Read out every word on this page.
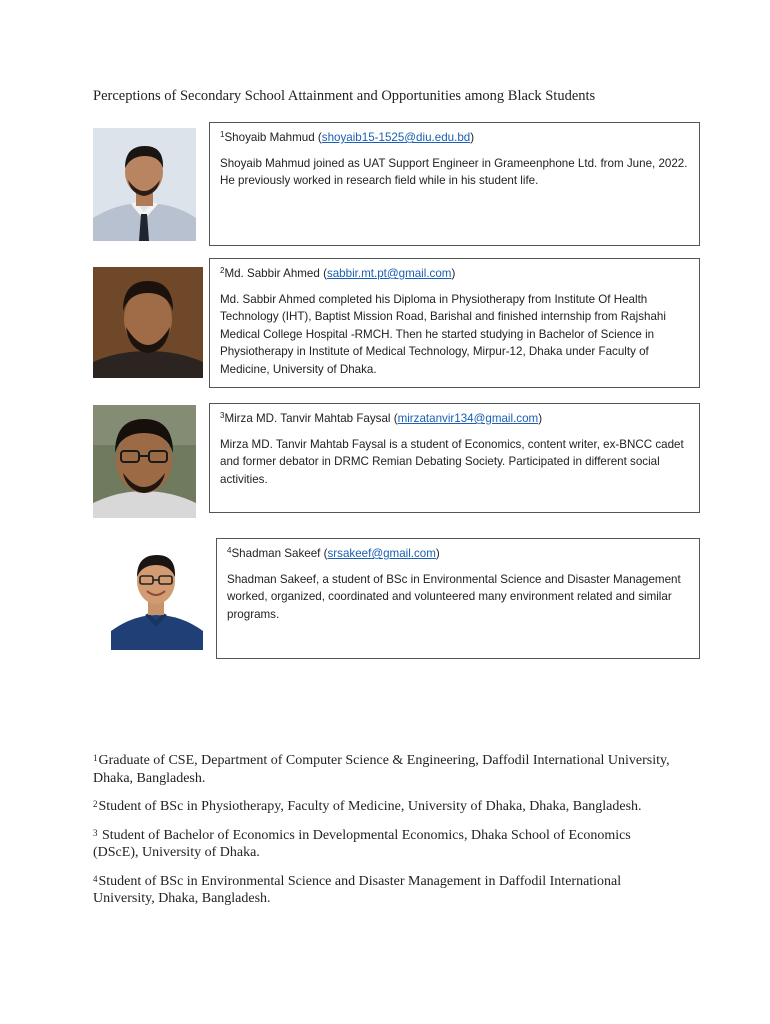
Perceptions of Secondary School Attainment and Opportunities among Black Students

$^1$Shoyaib Mahmud (shoyaib15-1525@diu.edu.bd)

Shoyaib Mahmud joined as UAT Support Engineer in Grameenphone Ltd. from June, 2022. He previously worked in research field while in his student life.

$^2$Md. Sabbir Ahmed (sabbir.mt.pt@gmail.com)

Md. Sabbir Ahmed completed his Diploma in Physiotherapy from Institute Of Health Technology (IHT), Baptist Mission Road, Barishal and finished internship from Rajshahi Medical College Hospital -RMCH. Then he started studying in Bachelor of Science in Physiotherapy in Institute of Medical Technology, Mirpur-12, Dhaka under Faculty of Medicine, University of Dhaka.

$^3$Mirza MD. Tanvir Mahtab Faysal (mirzatanvir134@gmail.com)

Mirza MD. Tanvir Mahtab Faysal is a student of Economics, content writer, ex-BNCC cadet and former debator in DRMC Remian Debating Society. Participated in different social activities.

$^4$Shadman Sakeef (srsakeef@gmail.com)

Shadman Sakeef, a student of BSc in Environmental Science and Disaster Management worked, organized, coordinated and volunteered many environment related and similar programs.

$^1$Graduate of CSE, Department of Computer Science & Engineering, Daffodil International University, Dhaka, Bangladesh.

$^2$Student of BSc in Physiotherapy, Faculty of Medicine, University of Dhaka, Dhaka, Bangladesh.

$^3$ Student of Bachelor of Economics in Developmental Economics, Dhaka School of Economics (DScE), University of Dhaka.

$^4$Student of BSc in Environmental Science and Disaster Management in Daffodil International University, Dhaka, Bangladesh.
